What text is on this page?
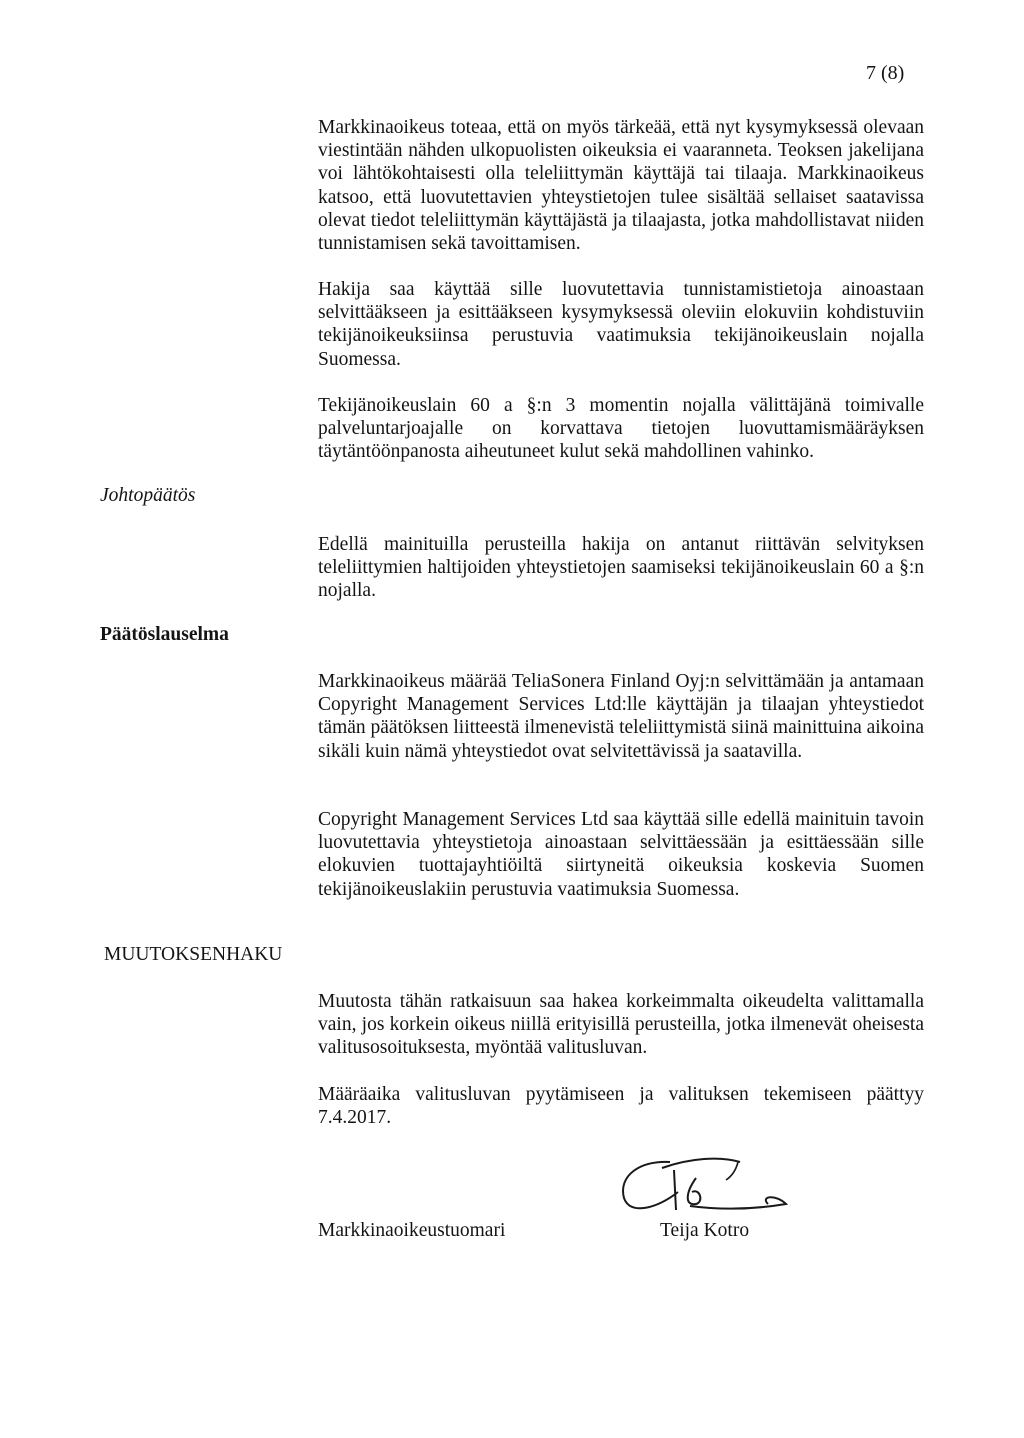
7 (8)

Markkinaoikeus toteaa, että on myös tärkeää, että nyt kysymyksessä olevaan viestintään nähden ulkopuolisten oikeuksia ei vaaranneta. Teoksen jakelijana voi lähtökohtaisesti olla teleliittymän käyttäjä tai tilaaja. Markkinaoikeus katsoo, että luovutettavien yhteystietojen tulee sisältää sellaiset saatavissa olevat tiedot teleliittymän käyttäjästä ja tilaajasta, jotka mahdollistavat niiden tunnistamisen sekä tavoittamisen.

Hakija saa käyttää sille luovutettavia tunnistamistietoja ainoastaan selvittääkseen ja esittääkseen kysymyksessä oleviin elokuviin kohdistuviin tekijänoikeuksiinsa perustuvia vaatimuksia tekijänoikeuslain nojalla Suomessa.

Tekijänoikeuslain 60 a §:n 3 momentin nojalla välittäjänä toimivalle palveluntarjoajalle on korvattava tietojen luovuttamismääräyksen täytäntöönpanosta aiheutuneet kulut sekä mahdollinen vahinko.

Johtopäätös

Edellä mainituilla perusteilla hakija on antanut riittävän selvityksen teleliittymien haltijoiden yhteystietojen saamiseksi tekijänoikeuslain 60 a §:n nojalla.

Päätöslauselma

Markkinaoikeus määrää TeliaSonera Finland Oyj:n selvittämään ja antamaan Copyright Management Services Ltd:lle käyttäjän ja tilaajan yhteystiedot tämän päätöksen liitteestä ilmenevistä teleliittymistä siinä mainittuina aikoina sikäli kuin nämä yhteystiedot ovat selvitettävissä ja saatavilla.

Copyright Management Services Ltd saa käyttää sille edellä mainituin tavoin luovutettavia yhteystietoja ainoastaan selvittäessään ja esittäessään sille elokuvien tuottajayhtiöiltä siirtyneitä oikeuksia koskevia Suomen tekijänoikeuslakiin perustuvia vaatimuksia Suomessa.

MUUTOKSENHAKU

Muutosta tähän ratkaisuun saa hakea korkeimmalta oikeudelta valittamalla vain, jos korkein oikeus niillä erityisillä perusteilla, jotka ilmenevät oheisesta valitusosoituksesta, myöntää valitusluvan.

Määräaika valitusluvan pyytämiseen ja valituksen tekemiseen päättyy 7.4.2017.

Markkinaoikeustuomari	Teija Kotro
